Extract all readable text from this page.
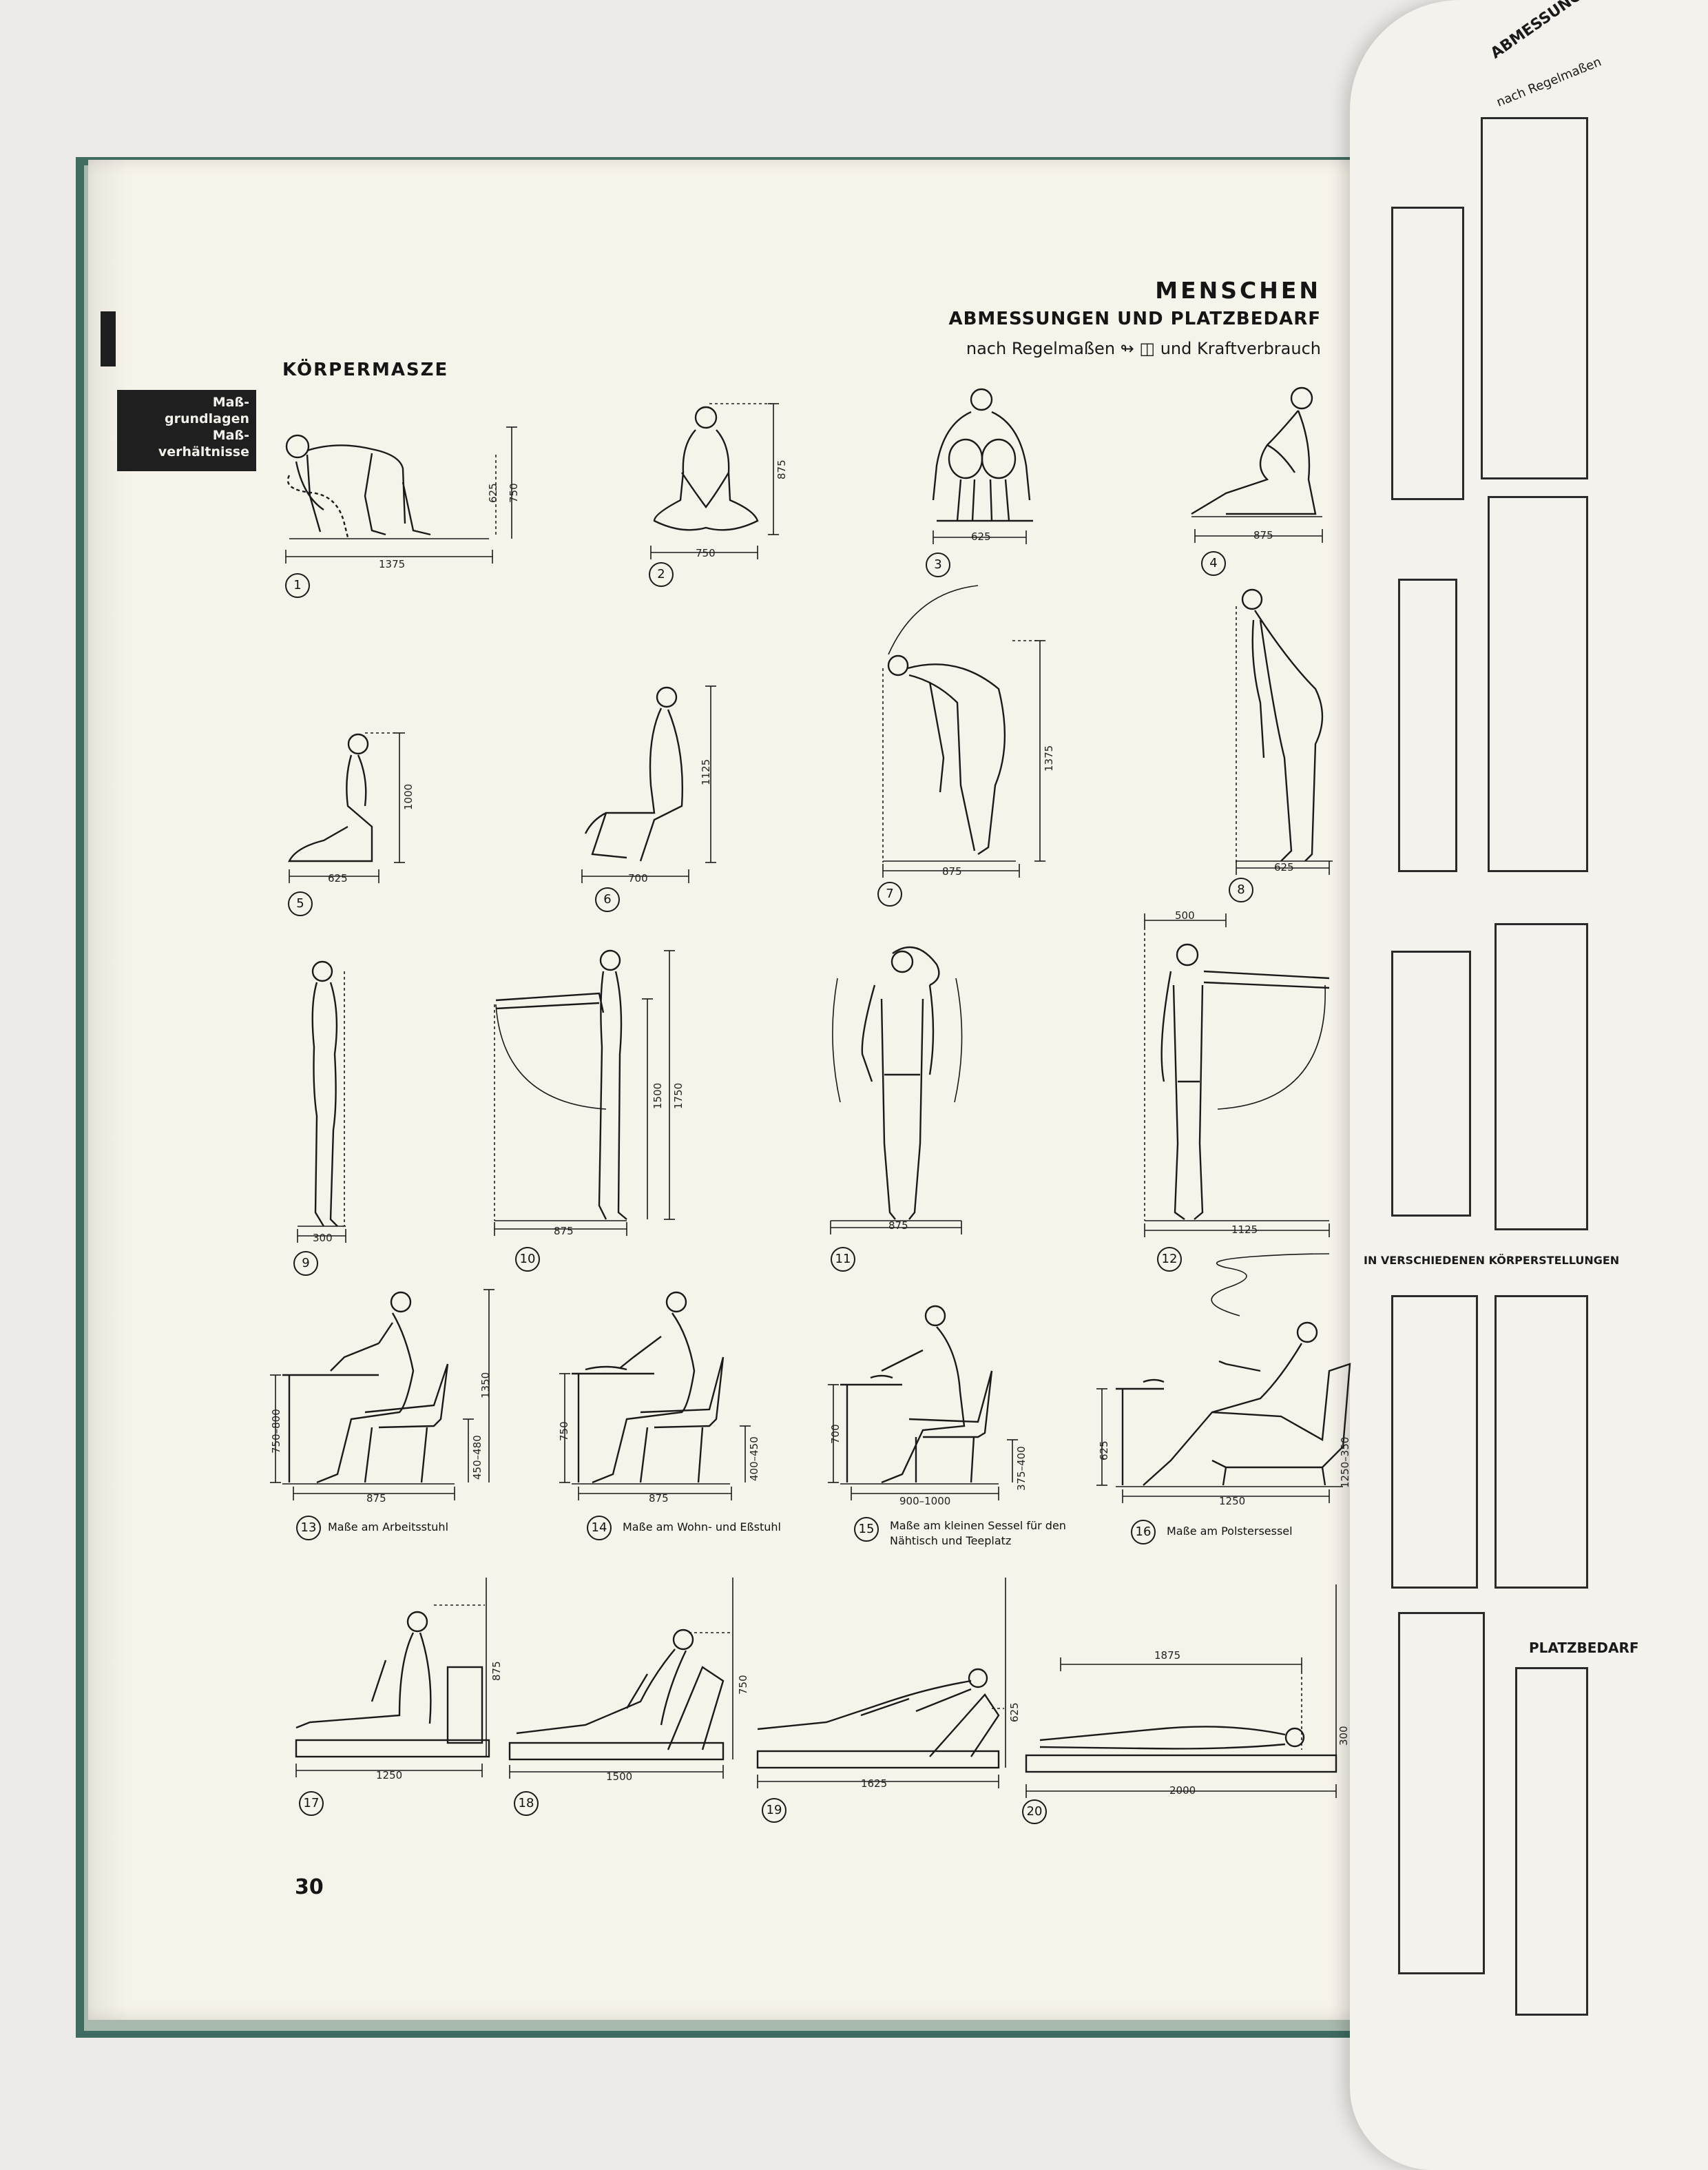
nach Regelmaßen
IN VERSCHIEDENEN KÖRPERSTELLUNGEN
PLATZBEDARF
Maß-
grundlagen
Maß-
verhältnisse
MENSCHEN
ABMESSUNGEN UND PLATZBEDARF
nach Regelmaßen ↬ ◫ und Kraftverbrauch
KÖRPERMASZE
1375
625 750
1
750
875
2
625
3
875
4
625
1000
5
700
1125
6
875
1375
7
625
8
300
9
875
1500 1750
10
875
11
500
1125
12
750–800
875
1350
450–480
13	Maße am Arbeitsstuhl
750
875
400–450
14	Maße am Wohn- und Eßstuhl
700
900–1000
375–400
15	Maße am kleinen Sessel für den Nähtisch und Teeplatz
625
1250
1250–350
16	Maße am Polstersessel
1250
875
17
1500
750
18
1625
625
19
1875
2000
300
20
30
